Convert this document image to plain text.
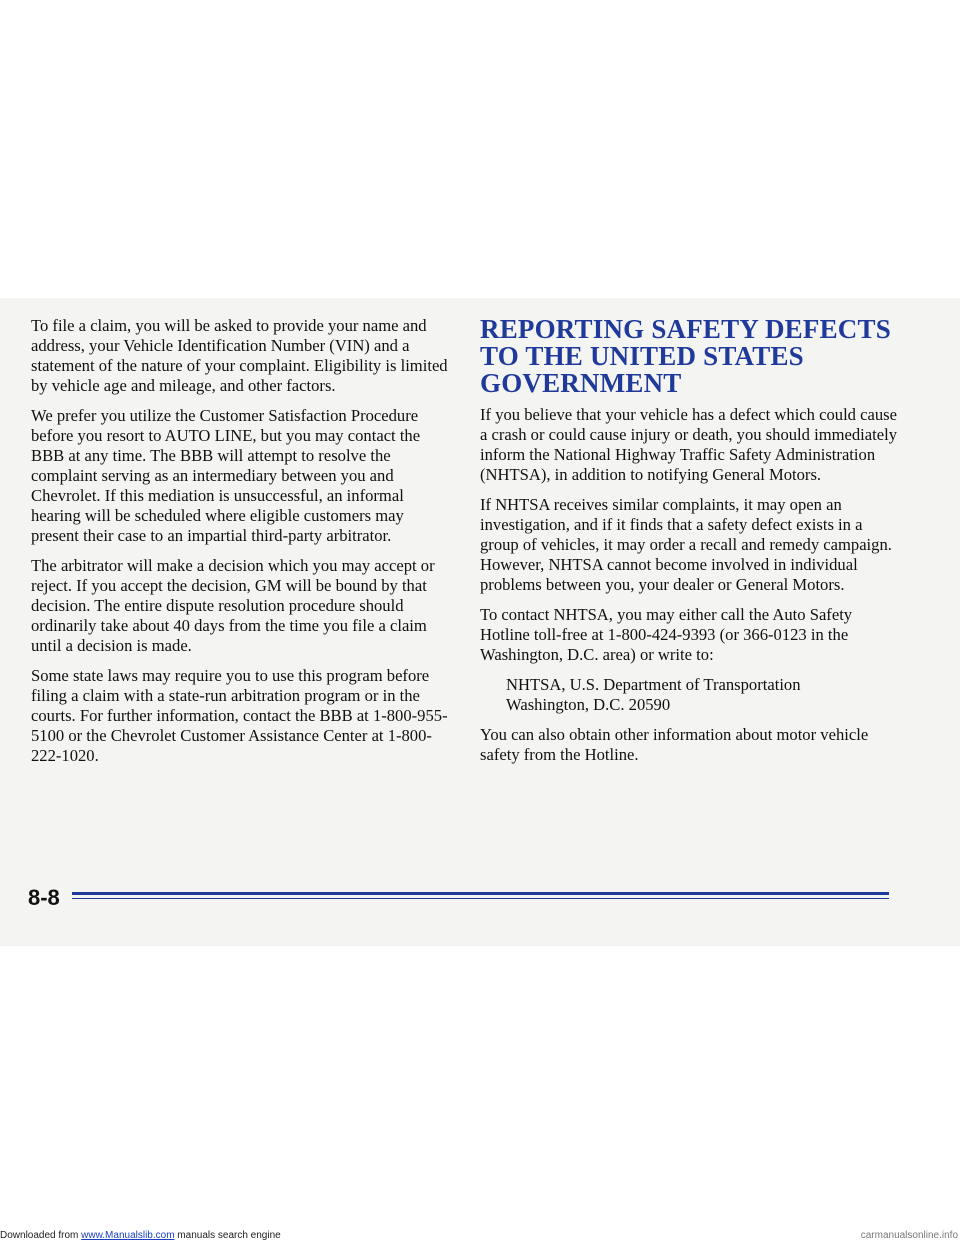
To file a claim, you will be asked to provide your name and address, your Vehicle Identification Number (VIN) and a statement of the nature of your complaint. Eligibility is limited by vehicle age and mileage, and other factors.

We prefer you utilize the Customer Satisfaction Procedure before you resort to AUTO LINE, but you may contact the BBB at any time. The BBB will attempt to resolve the complaint serving as an intermediary between you and Chevrolet. If this mediation is unsuccessful, an informal hearing will be scheduled where eligible customers may present their case to an impartial third-party arbitrator.

The arbitrator will make a decision which you may accept or reject. If you accept the decision, GM will be bound by that decision. The entire dispute resolution procedure should ordinarily take about 40 days from the time you file a claim until a decision is made.

Some state laws may require you to use this program before filing a claim with a state-run arbitration program or in the courts. For further information, contact the BBB at 1-800-955-5100 or the Chevrolet Customer Assistance Center at 1-800-222-1020.

REPORTING SAFETY DEFECTS TO THE UNITED STATES GOVERNMENT

If you believe that your vehicle has a defect which could cause a crash or could cause injury or death, you should immediately inform the National Highway Traffic Safety Administration (NHTSA), in addition to notifying General Motors.

If NHTSA receives similar complaints, it may open an investigation, and if it finds that a safety defect exists in a group of vehicles, it may order a recall and remedy campaign. However, NHTSA cannot become involved in individual problems between you, your dealer or General Motors.

To contact NHTSA, you may either call the Auto Safety Hotline toll-free at 1-800-424-9393 (or 366-0123 in the Washington, D.C. area) or write to:

NHTSA, U.S. Department of Transportation
Washington, D.C. 20590

You can also obtain other information about motor vehicle safety from the Hotline.

8-8
Downloaded from www.Manualslib.com manuals search engine	carmanualsonline.info
